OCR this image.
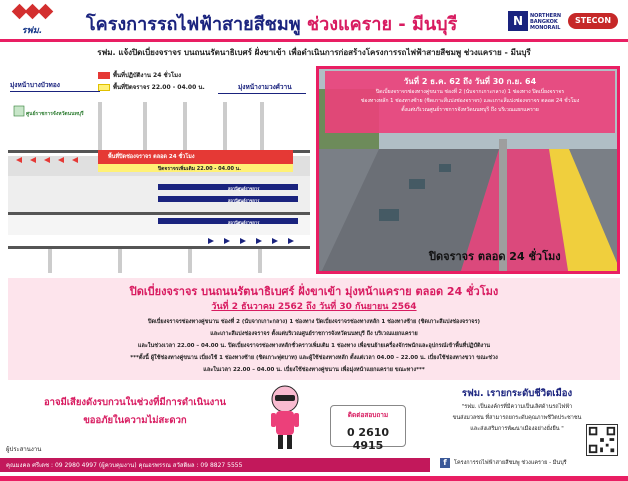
รฟม.	โครงการรถไฟฟ้าสายสีชมพู ช่วงแคราย - มีนบุรี	N	NORTHERN
BANGKOK
MONORAIL
STECON
รฟม. แจ้งปิดเบี่ยงจราจร บนถนนรัตนาธิเบศร์ ฝั่งขาเข้า เพื่อดำเนินการก่อสร้างโครงการรถไฟฟ้าสายสีชมพู ช่วงแคราย - มีนบุรี
พื้นที่ปฏิบัติงาน 24 ชั่วโมง
พื้นที่ปิดจราจร 22.00 - 04.00 น.
มุ่งหน้าบางบัวทอง	มุ่งหน้างามวงศ์วาน
ศูนย์ราชการจังหวัดนนทบุรี
พื้นที่ปิดช่องจราจร ตลอด 24 ชั่วโมง
ปิดจราจรเพิ่มเติม 22.00 - 04.00 น.
สถานีศูนย์ราชการ
สถานีศูนย์ราชการ
สถานีศูนย์ราชการ
วันที่ 2 ธ.ค. 62 ถึง วันที่ 30 ก.ย. 64
ปิดเบี่ยงจราจรช่องทางคู่ขนาน ช่องที่ 2 (นับจากเกาะกลาง) 1 ช่องทาง ปิดเบี่ยงจราจร
ช่องทางหลัก 1 ช่องทางซ้าย (ชิดเกาะสีแบ่งช่องจราจร) และเกาะสีแบ่งช่องจราจร ตลอด 24 ชั่วโมง
ตั้งแต่บริเวณศูนย์ราชการจังหวัดนนทบุรี ถึง บริเวณแยกแคราย
ปิดจราจร ตลอด 24 ชั่วโมง
ปิดเบี่ยงจราจร บนถนนรัตนาธิเบศร์ ฝั่งขาเข้า มุ่งหน้าแคราย ตลอด 24 ชั่วโมง
วันที่ 2 ธันวาคม 2562 ถึง วันที่ 30 กันยายน 2564
ปิดเบี่ยงจราจรช่องทางคู่ขนาน ช่องที่ 2 (นับจากเกาะกลาง) 1 ช่องทาง ปิดเบี่ยงจราจรช่องทางหลัก 1 ช่องทางซ้าย (ชิดเกาะสีแบ่งช่องจราจร)
และเกาะสีแบ่งช่องจราจร ตั้งแต่บริเวณศูนย์ราชการจังหวัดนนทบุรี ถึง บริเวณแยกแคราย
และในช่วงเวลา 22.00 – 04.00 น. ปิดเบี่ยงจราจรช่องทางหลักชั่วคราวเพิ่มเติม 1 ช่องทาง เพื่อขนย้ายเครื่องจักรพนักและอุปกรณ์เข้าพื้นที่ปฏิบัติงาน
***ตั้งนี้ ผู้ใช้ช่องทางคู่ขนาน เบี่ยงใช้ 1 ช่องทางซ้าย (ชิดเกาะฟุตบาท) และผู้ใช้ช่องทางหลัก ตั้งแต่เวลา 04.00 – 22.00 น. เบี่ยงใช้ช่องทางขวา ขณะช่วง
และในเวลา 22.00 – 04.00 น. เบี่ยงใช้ช่องทางคู่ขนาน เพื่อมุ่งหน้าแยกแคราย ขณะทาง***
อาจมีเสียงดังรบกวนในช่วงที่มีการดำเนินงาน
ขออภัยในความไม่สะดวก	ติดต่อสอบถาม
0 2610 4915
รฟม. เรายกระดับชีวิตเมือง
"รฟม. เป็นองค์กรที่มีความเป็นเลิศด้านรถไฟฟ้า
ขนส่งมวลชน ที่สามารถยกระดับคุณภาพชีวิตประชาชน
และส่งเสริมการพัฒนาเมืองอย่างยั่งยืน "
f	โครงการรถไฟฟ้าสายสีชมพู ช่วงแคราย - มีนบุรี
ผู้ประสานงาน
คุณมงคล ศรีเดช : 09 2980 4997 (ผู้ควบคุมงาน) คุณอรพรรณ สวัสดิผล : 09 8827 5555
